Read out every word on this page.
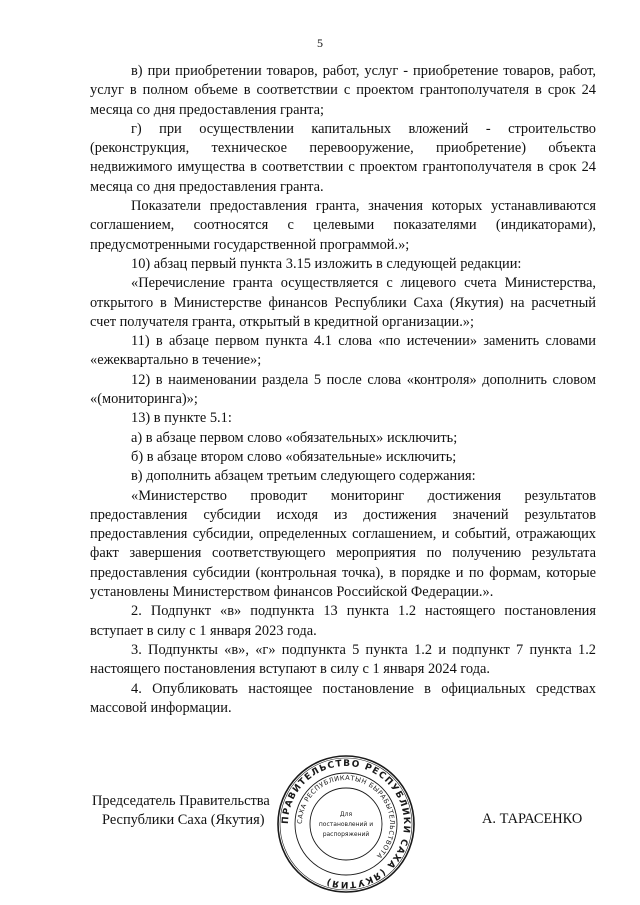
5

в) при приобретении товаров, работ, услуг - приобретение товаров, работ, услуг в полном объеме в соответствии с проектом грантополучателя в срок 24 месяца со дня предоставления гранта;

г) при осуществлении капитальных вложений - строительство (реконструкция, техническое перевооружение, приобретение) объекта недвижимого имущества в соответствии с проектом грантополучателя в срок 24 месяца со дня предоставления гранта.

Показатели предоставления гранта, значения которых устанавливаются соглашением, соотносятся с целевыми показателями (индикаторами), предусмотренными государственной программой.»;

10) абзац первый пункта 3.15 изложить в следующей редакции:

«Перечисление гранта осуществляется с лицевого счета Министерства, открытого в Министерстве финансов Республики Саха (Якутия) на расчетный счет получателя гранта, открытый в кредитной организации.»;

11) в абзаце первом пункта 4.1 слова «по истечении» заменить словами «ежеквартально в течение»;

12) в наименовании раздела 5 после слова «контроля» дополнить словом «(мониторинга)»;

13) в пункте 5.1:

а) в абзаце первом слово «обязательных» исключить;

б) в абзаце втором слово «обязательные» исключить;

в) дополнить абзацем третьим следующего содержания:

«Министерство проводит мониторинг достижения результатов предоставления субсидии исходя из достижения значений результатов предоставления субсидии, определенных соглашением, и событий, отражающих факт завершения соответствующего мероприятия по получению результата предоставления субсидии (контрольная точка), в порядке и по формам, которые установлены Министерством финансов Российской Федерации.».

2. Подпункт «в» подпункта 13 пункта 1.2 настоящего постановления вступает в силу с 1 января 2023 года.

3. Подпункты «в», «г» подпункта 5 пункта 1.2 и подпункт 7 пункта 1.2 настоящего постановления вступают в силу с 1 января 2024 года.

4. Опубликовать настоящее постановление в официальных средствах массовой информации.

Председатель Правительства
Республики Саха (Якутия)	ПРАВИТЕЛЬСТВО РЕСПУБЛИКИ САХА (ЯКУТИЯ)
САХА РЕСПУБЛИКАТЫН БЫРАБЫТЕЛЬСТВОТА
Для
постановлений и
распоряжений
А. ТАРАСЕНКО
